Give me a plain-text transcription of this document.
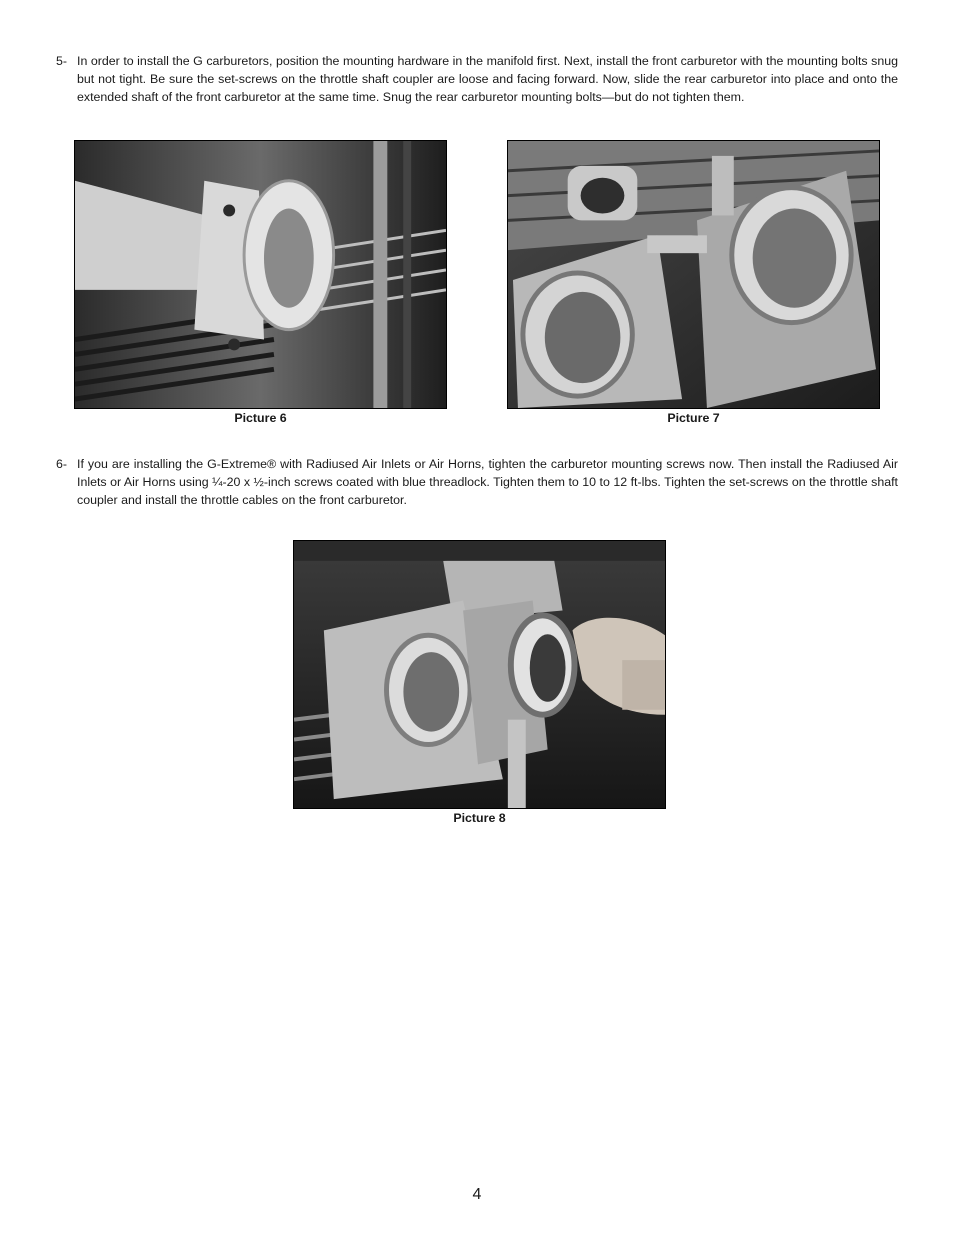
5- In order to install the G carburetors, position the mounting hardware in the manifold first. Next, install the front carburetor with the mounting bolts snug but not tight. Be sure the set-screws on the throttle shaft coupler are loose and facing forward. Now, slide the rear carburetor into place and onto the extended shaft of the front carburetor at the same time. Snug the rear carburetor mounting bolts—but do not tighten them.
Picture 6	Picture 7
6- If you are installing the G-Extreme® with Radiused Air Inlets or Air Horns, tighten the carburetor mounting screws now. Then install the Radiused Air Inlets or Air Horns using ¼-20 x ½-inch screws coated with blue threadlock. Tighten them to 10 to 12 ft-lbs. Tighten the set-screws on the throttle shaft coupler and install the throttle cables on the front carburetor.
Picture 8
4
